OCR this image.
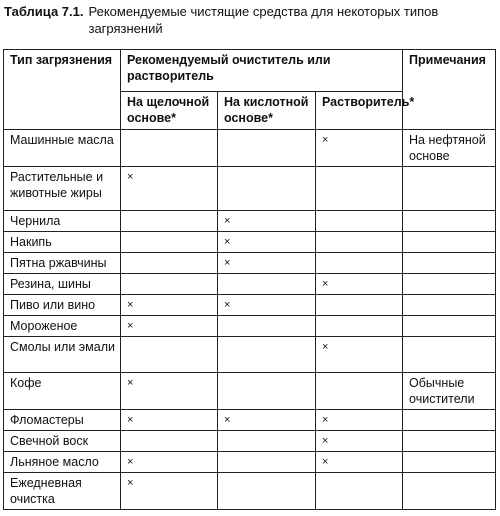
Таблица 7.1. Рекомендуемые чистящие средства для некоторых типов загрязнений
Тип загрязнения	Рекомендуемый очиститель или растворитель			Примечания
	На щелочной основе*	На кислотной основе*	Растворитель*	
Машинные масла			×	На нефтяной основе
Растительные и животные жиры	×			
Чернила		×		
Накипь		×		
Пятна ржавчины		×		
Резина, шины			×	
Пиво или вино	×	×		
Мороженое	×			
Смолы или эмали			×	
Кофе	×			Обычные очистители
Фломастеры	×	×	×	
Свечной воск			×	
Льняное масло	×		×	
Ежедневная очистка	×			
